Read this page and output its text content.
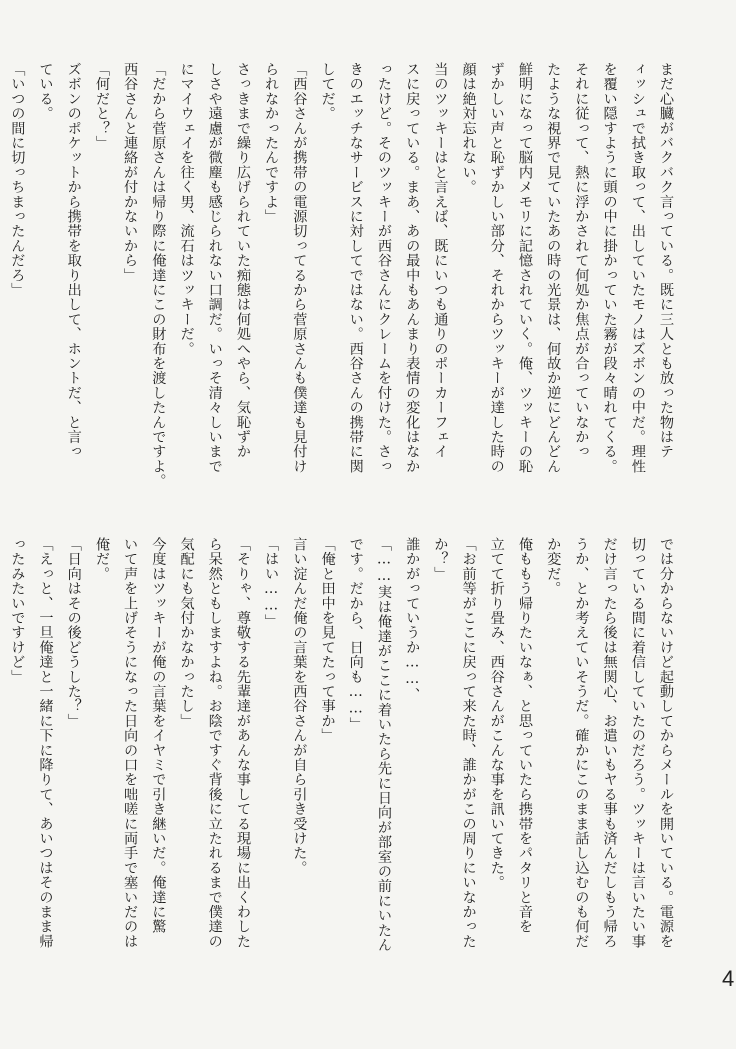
まだ心臓がバクバク言っている。既に三人とも放った物はテ

ィッシュで拭き取って、出していたモノはズボンの中だ。理性

を覆い隠すように頭の中に掛かっていた霧が段々晴れてくる。

それに従って、熱に浮かされて何処か焦点が合っていなかっ

たような視界で見ていたあの時の光景は、何故か逆にどんどん

鮮明になって脳内メモリに記憶されていく。俺、ツッキーの恥

ずかしい声と恥ずかしい部分、それからツッキーが達した時の

顔は絶対忘れない。

当のツッキーはと言えば、既にいつも通りのポーカーフェイ

スに戻っている。まあ、あの最中もあんまり表情の変化はなか

ったけど。そのツッキーが西谷さんにクレームを付けた。さっ

きのエッチなサービスに対してではない。西谷さんの携帯に関

してだ。

「西谷さんが携帯の電源切ってるから菅原さんも僕達も見付け

られなかったんですよ」

さっきまで繰り広げられていた痴態は何処へやら、気恥ずか

しさや遠慮が微塵も感じられない口調だ。いっそ清々しいまで

にマイウェイを往く男、流石はツッキーだ。

「だから菅原さんは帰り際に俺達にこの財布を渡したんですよ。

西谷さんと連絡が付かないから」

「何だと？」

ズボンのポケットから携帯を取り出して、ホントだ、と言っ

ている。

「いつの間に切っちまったんだろ」

では分からないけど起動してからメールを開いている。電源を

切っている間に着信していたのだろう。ツッキーは言いたい事

だけ言ったら後は無関心、お遣いもヤる事も済んだしもう帰ろ

うか、とか考えていそうだ。確かにこのまま話し込むのも何だ

か変だ。

俺ももう帰りたいなぁ、と思っていたら携帯をパタリと音を

立てて折り畳み、西谷さんがこんな事を訊いてきた。

「お前等がここに戻って来た時、誰かがこの周りにいなかった

か？」

誰かがっていうか……、

「……実は俺達がここに着いたら先に日向が部室の前にいたん

です。だから、日向も……」

「俺と田中を見てたって事か」

言い淀んだ俺の言葉を西谷さんが自ら引き受けた。

「はい……」

「そりゃ、尊敬する先輩達があんな事してる現場に出くわした

ら呆然ともしますよね。お陰ですぐ背後に立たれるまで僕達の

気配にも気付かなかったし」

今度はツッキーが俺の言葉をイヤミで引き継いだ。俺達に驚

いて声を上げそうになった日向の口を咄嗟に両手で塞いだのは

俺だ。

「日向はその後どうした？」

「えっと、一旦俺達と一緒に下に降りて、あいつはそのまま帰

ったみたいですけど」

4
